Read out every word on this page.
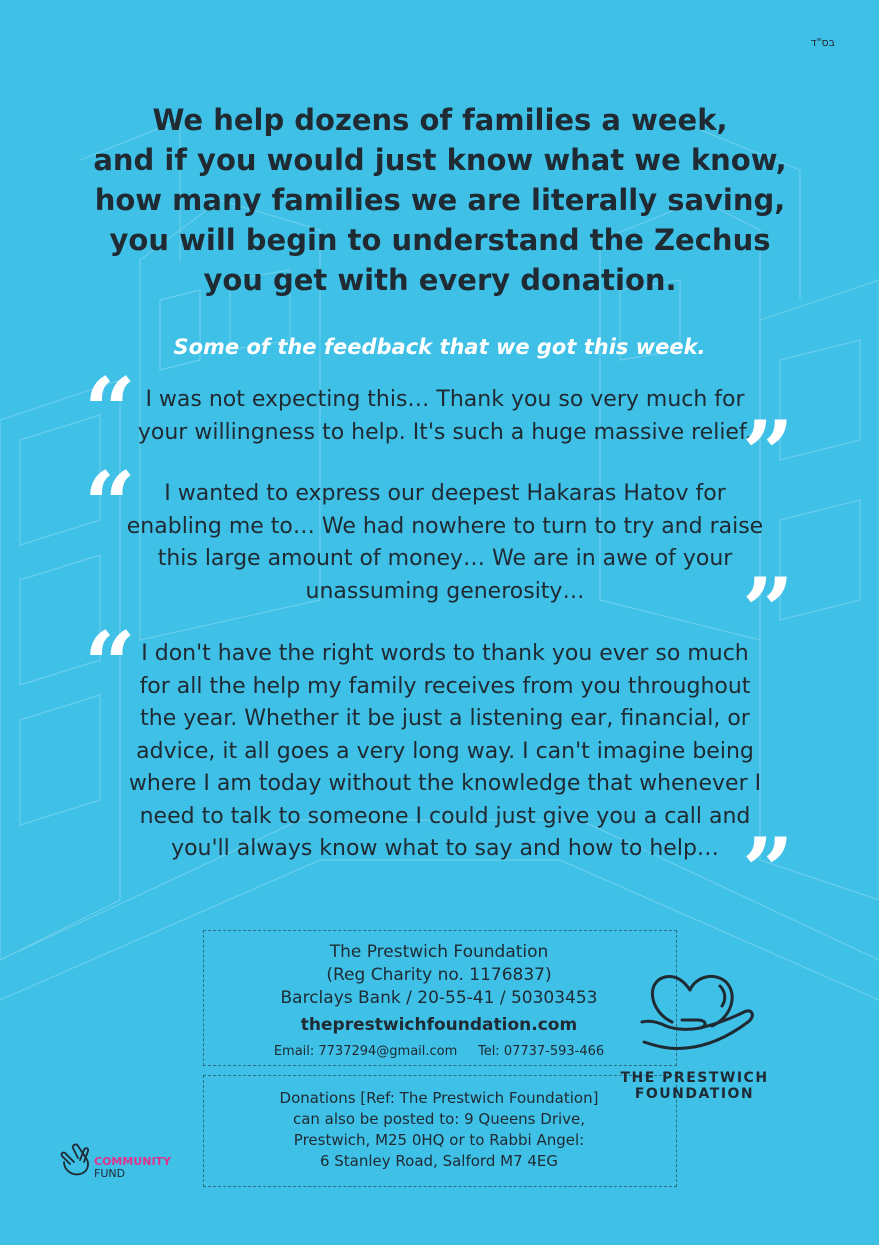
בס"ד
We help dozens of families a week,
and if you would just know what we know,
how many families we are literally saving,
you will begin to understand the Zechus
you get with every donation.
Some of the feedback that we got this week.
“ I was not expecting this… Thank you so very much for
your willingness to help. It's such a huge massive relief.
”
“	I wanted to express our deepest Hakaras Hatov for
enabling me to… We had nowhere to turn to try and raise
this large amount of money… We are in awe of your
unassuming generosity…	”
“ I don't have the right words to thank you ever so much
for all the help my family receives from you throughout
the year. Whether it be just a listening ear, financial, or
advice, it all goes a very long way. I can't imagine being
where I am today without the knowledge that whenever I
need to talk to someone I could just give you a call and
you'll always know what to say and how to help… ”
The Prestwich Foundation
(Reg Charity no. 1176837)
Barclays Bank / 20-55-41 / 50303453
theprestwichfoundation.com
Email: 7737294@gmail.com Tel: 07737-593-466
Donations [Ref: The Prestwich Foundation]
can also be posted to: 9 Queens Drive,
Prestwich, M25 0HQ or to Rabbi Angel:
6 Stanley Road, Salford M7 4EG
THE PRESTWICH
FOUNDATION
COMMUNITY
FUND
